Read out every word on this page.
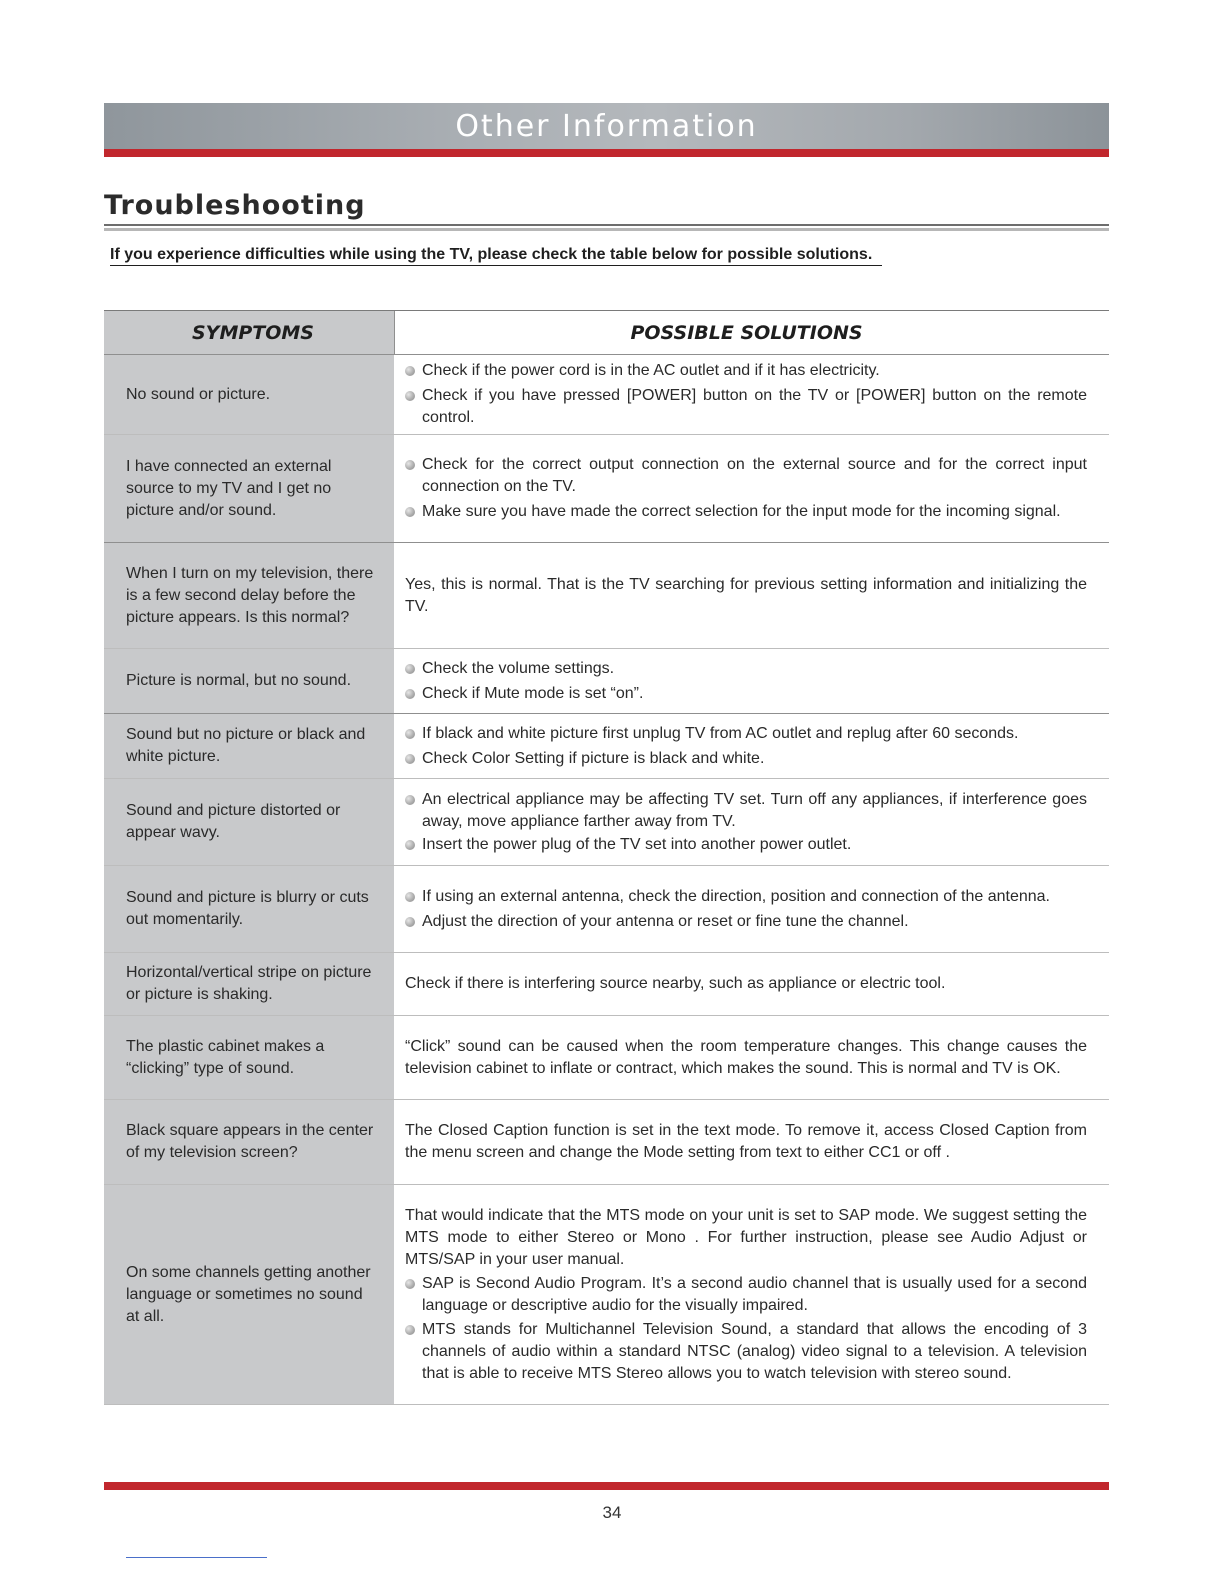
Other Information
Troubleshooting
If you experience difficulties while using the TV, please check the table below for possible solutions.
SYMPTOMS	POSSIBLE SOLUTIONS
No sound or picture.
Check if the power cord is in the AC outlet and if it has electricity.
Check if you have pressed [POWER] button on the TV or [POWER] button on the remote control.
I have connected an external source to my TV and I get no picture and/or sound.
Check for the correct output connection on the external source and for the correct input connection on the TV.
Make sure you have made the correct selection for the input mode for the incoming signal.
When I turn on my television, there is a few second delay before the picture appears. Is this normal?
Yes, this is normal. That is the TV searching for previous setting information and initializing the TV.
Picture is normal, but no sound.
Check the volume settings.
Check if Mute mode is set “on”.
Sound but no picture or black and white picture.
If black and white picture first unplug TV from AC outlet and replug after 60 seconds.
Check Color Setting if picture is black and white.
Sound and picture distorted or appear wavy.
An electrical appliance may be affecting TV set. Turn off any appliances, if interference goes away, move appliance farther away from TV.
Insert the power plug of the TV set into another power outlet.
Sound and picture is blurry or cuts out momentarily.
If using an external antenna, check the direction, position and connection of the antenna.
Adjust the direction of your antenna or reset or fine tune the channel.
Horizontal/vertical stripe on picture or picture is shaking.
Check if there is interfering source nearby, such as appliance or electric tool.
The plastic cabinet makes a “clicking” type of sound.
“Click” sound can be caused when the room temperature changes. This change causes the television cabinet to inflate or contract, which makes the sound. This is normal and TV is OK.
Black square appears in the center of my television screen?
The Closed Caption function is set in the text mode. To remove it, access Closed Caption from the menu screen and change the Mode setting from text to either CC1 or off .
On some channels getting another language or sometimes no sound at all.
That would indicate that the MTS mode on your unit is set to SAP mode. We suggest setting the MTS mode to either Stereo or Mono . For further instruction, please see Audio Adjust or MTS/SAP in your user manual.
SAP is Second Audio Program. It’s a second audio channel that is usually used for a second language or descriptive audio for the visually impaired.
MTS stands for Multichannel Television Sound, a standard that allows the encoding of 3 channels of audio within a standard NTSC (analog) video signal to a television. A television that is able to receive MTS Stereo allows you to watch television with stereo sound.
34
